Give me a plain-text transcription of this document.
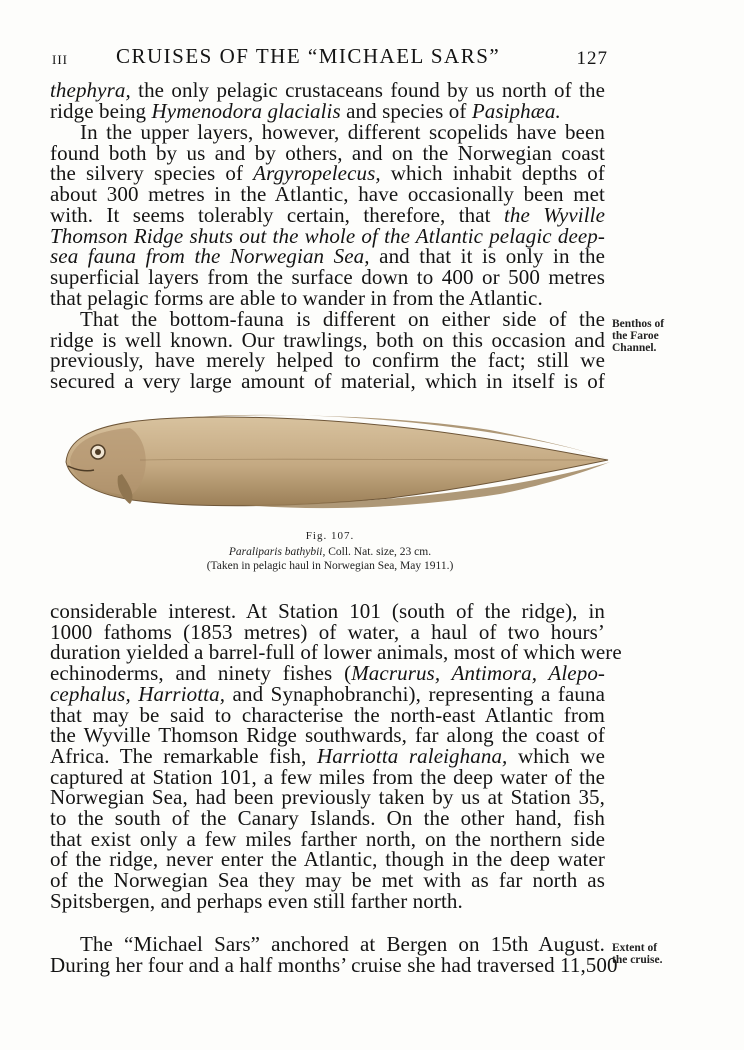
III CRUISES OF THE “MICHAEL SARS”	127
thephyra, the only pelagic crustaceans found by us north of the
ridge being Hymenodora glacialis and species of Pasiphæa.
In the upper layers, however, different scopelids have been
found both by us and by others, and on the Norwegian coast
the silvery species of Argyropelecus, which inhabit depths of
about 300 metres in the Atlantic, have occasionally been met
with. It seems tolerably certain, therefore, that the Wyville
Thomson Ridge shuts out the whole of the Atlantic pelagic deep-
sea fauna from the Norwegian Sea, and that it is only in the
superficial layers from the surface down to 400 or 500 metres
that pelagic forms are able to wander in from the Atlantic.
That the bottom-fauna is different on either side of the
ridge is well known. Our trawlings, both on this occasion and
previously, have merely helped to confirm the fact; still we
secured a very large amount of material, which in itself is of
Benthos of
the Faroe
Channel.
Fig. 107.
Paraliparis bathybii, Coll. Nat. size, 23 cm.
(Taken in pelagic haul in Norwegian Sea, May 1911.)
considerable interest. At Station 101 (south of the ridge), in
1000 fathoms (1853 metres) of water, a haul of two hours’
duration yielded a barrel-full of lower animals, most of which were
echinoderms, and ninety fishes (Macrurus, Antimora, Alepo-
cephalus, Harriotta, and Synaphobranchi), representing a fauna
that may be said to characterise the north-east Atlantic from
the Wyville Thomson Ridge southwards, far along the coast of
Africa. The remarkable fish, Harriotta raleighana, which we
captured at Station 101, a few miles from the deep water of the
Norwegian Sea, had been previously taken by us at Station 35,
to the south of the Canary Islands. On the other hand, fish
that exist only a few miles farther north, on the northern side
of the ridge, never enter the Atlantic, though in the deep water
of the Norwegian Sea they may be met with as far north as
Spitsbergen, and perhaps even still farther north.
The “Michael Sars” anchored at Bergen on 15th August.
During her four and a half months’ cruise she had traversed 11,500
Extent of
the cruise.
